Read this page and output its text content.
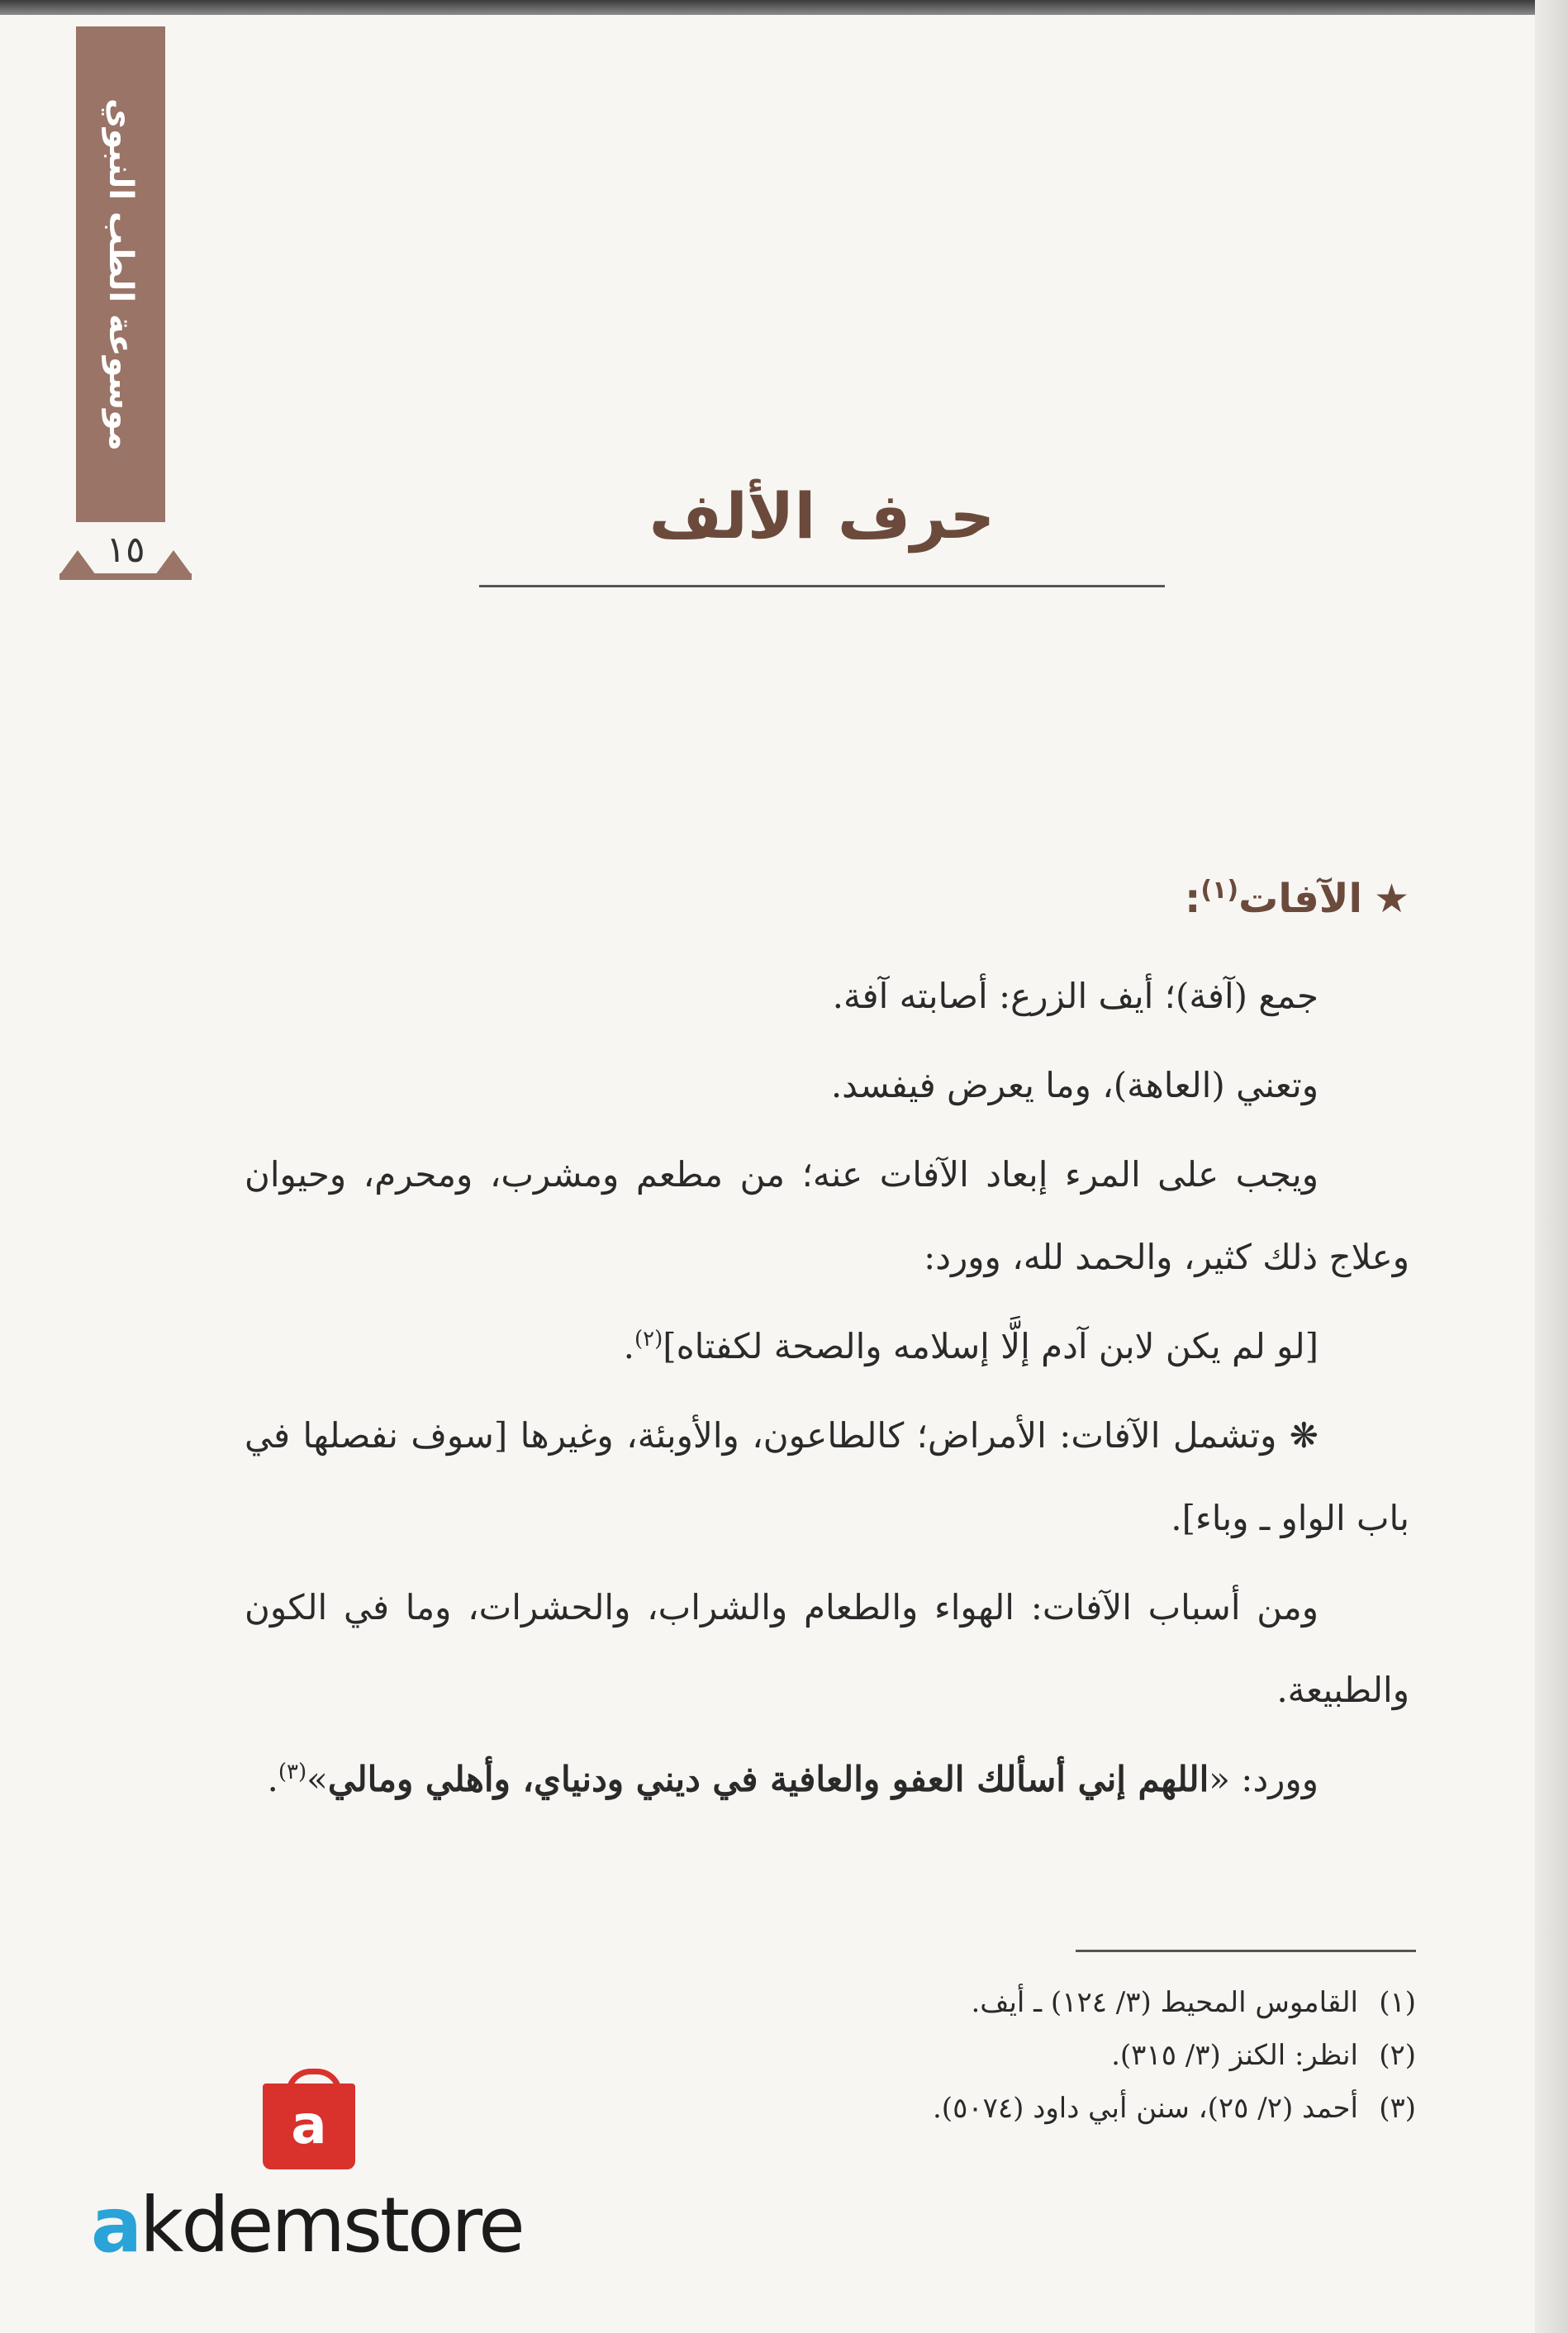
موسوعة الطب النبوي
١٥	حرف الألف
★الآفات$^{(١)}$:

جمع (آفة)؛ أيف الزرع: أصابته آفة.

وتعني (العاهة)، وما يعرض فيفسد.

ويجب على المرء إبعاد الآفات عنه؛ من مطعم ومشرب، ومحرم، وحيوان وعلاج ذلك كثير، والحمد لله، وورد:

[لو لم يكن لابن آدم إلَّا إسلامه والصحة لكفتاه]$^{(٢)}$.

❋ وتشمل الآفات: الأمراض؛ كالطاعون، والأوبئة، وغيرها [سوف نفصلها في باب الواو ـ وباء].

ومن أسباب الآفات: الهواء والطعام والشراب، والحشرات، وما في الكون والطبيعة.

وورد: «اللهم إني أسألك العفو والعافية في ديني ودنياي، وأهلي ومالي»$^{(٣)}$.

(١)القاموس المحيط (٣/ ١٢٤) ـ أيف.
(٢)انظر: الكنز (٣/ ٣١٥).
(٣)أحمد (٢/ ٢٥)، سنن أبي داود (٥٠٧٤).
a
akdemstore
